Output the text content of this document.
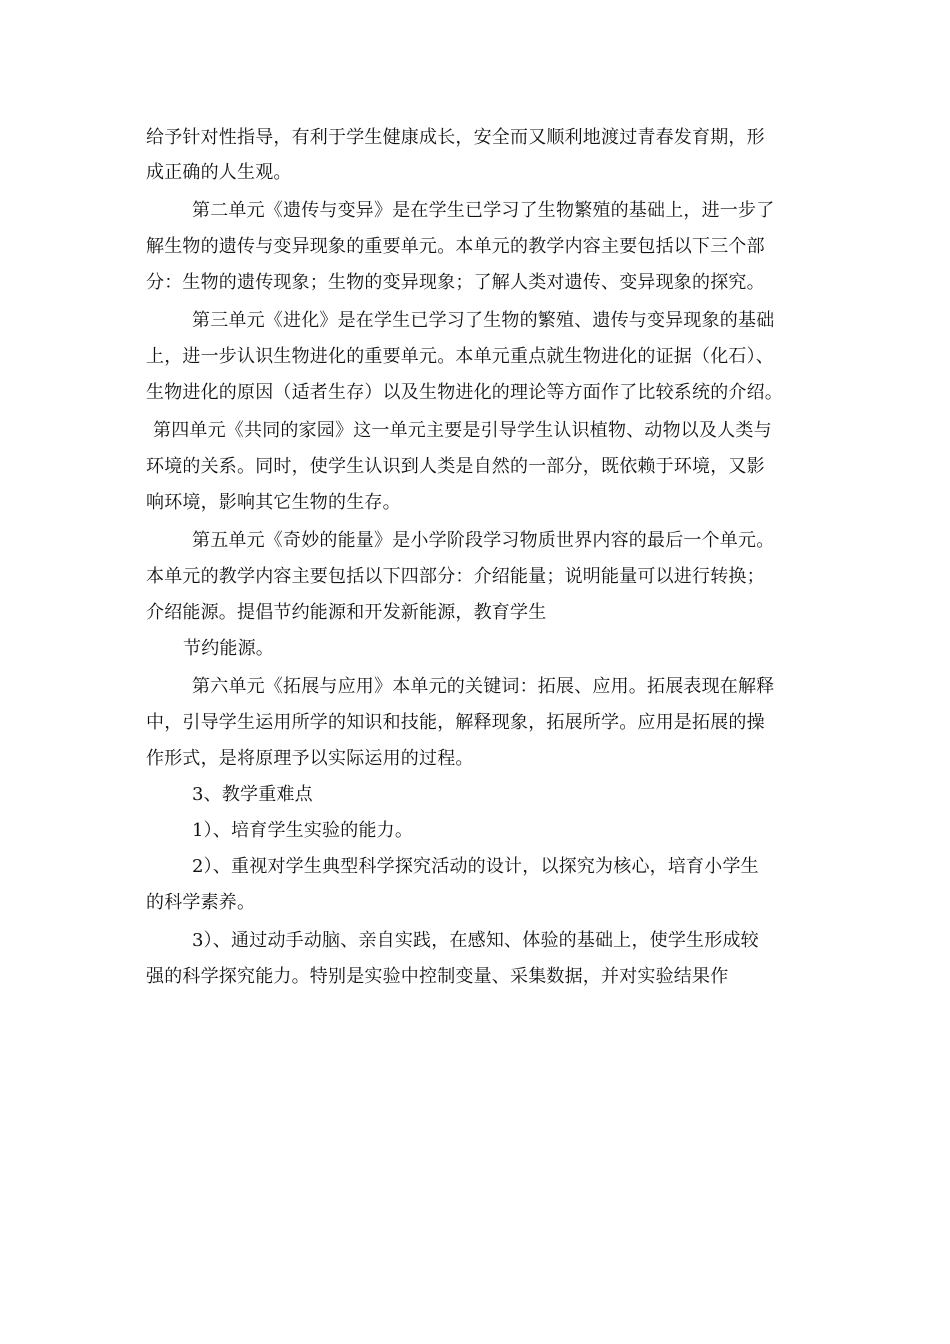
给予针对性指导，有利于学生健康成长，安全而又顺利地渡过青春发育期，形
成正确的人生观。
第二单元《遗传与变异》是在学生已学习了生物繁殖的基础上，进一步了
解生物的遗传与变异现象的重要单元。本单元的教学内容主要包括以下三个部
分：生物的遗传现象；生物的变异现象；了解人类对遗传、变异现象的探究。
第三单元《进化》是在学生已学习了生物的繁殖、遗传与变异现象的基础
上，进一步认识生物进化的重要单元。本单元重点就生物进化的证据（化石）、
生物进化的原因（适者生存）以及生物进化的理论等方面作了比较系统的介绍。
第四单元《共同的家园》这一单元主要是引导学生认识植物、动物以及人类与
环境的关系。同时，使学生认识到人类是自然的一部分，既依赖于环境，又影
响环境，影响其它生物的生存。
第五单元《奇妙的能量》是小学阶段学习物质世界内容的最后一个单元。
本单元的教学内容主要包括以下四部分：介绍能量；说明能量可以进行转换；
介绍能源。提倡节约能源和开发新能源，教育学生
节约能源。
第六单元《拓展与应用》本单元的关键词：拓展、应用。拓展表现在解释
中，引导学生运用所学的知识和技能，解释现象，拓展所学。应用是拓展的操
作形式，是将原理予以实际运用的过程。
3、教学重难点
1）、培育学生实验的能力。
2）、重视对学生典型科学探究活动的设计，以探究为核心，培育小学生
的科学素养。
3）、通过动手动脑、亲自实践，在感知、体验的基础上，使学生形成较
强的科学探究能力。特别是实验中控制变量、采集数据，并对实验结果作
